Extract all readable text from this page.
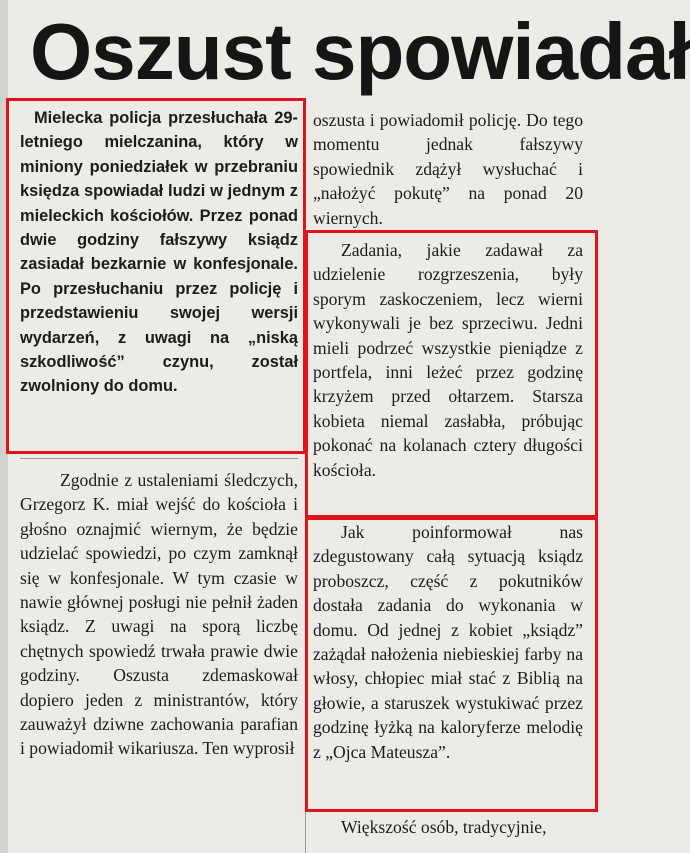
Oszust spowiadał

Mielecka policja przesłuchała 29-letniego mielczanina, który w miniony poniedziałek w przebraniu księdza spowiadał ludzi w jednym z mieleckich kościołów. Przez ponad dwie godziny fałszywy ksiądz zasiadał bezkarnie w konfesjonale. Po przesłuchaniu przez policję i przedstawieniu swojej wersji wydarzeń, z uwagi na „niską szkodliwość” czynu, został zwolniony do domu.

Zgodnie z ustaleniami śledczych, Grzegorz K. miał wejść do kościoła i głośno oznajmić wiernym, że będzie udzielać spowiedzi, po czym zamknął się w konfesjonale. W tym czasie w nawie głównej posługi nie pełnił żaden ksiądz. Z uwagi na sporą liczbę chętnych spowiedź trwała prawie dwie godziny. Oszusta zdemaskował dopiero jeden z ministrantów, który zauważył dziwne zachowania parafian i powiadomił wikariusza. Ten wyprosił

oszusta i powiadomił policję. Do tego momentu jednak fałszywy spowiednik zdążył wysłuchać i „nałożyć pokutę” na ponad 20 wiernych.

Zadania, jakie zadawał za udzielenie rozgrzeszenia, były sporym zaskoczeniem, lecz wierni wykonywali je bez sprzeciwu. Jedni mieli podrzeć wszystkie pieniądze z portfela, inni leżeć przez godzinę krzyżem przed ołtarzem. Starsza kobieta niemal zasłabła, próbując pokonać na kolanach cztery długości kościoła.

Jak poinformował nas zdegustowany całą sytuacją ksiądz proboszcz, część z pokutników dostała zadania do wykonania w domu. Od jednej z kobiet „ksiądz” zażądał nałożenia niebieskiej farby na włosy, chłopiec miał stać z Biblią na głowie, a staruszek wystukiwać przez godzinę łyżką na kaloryferze melodię z „Ojca Mateusza”.

Większość osób, tradycyjnie,
